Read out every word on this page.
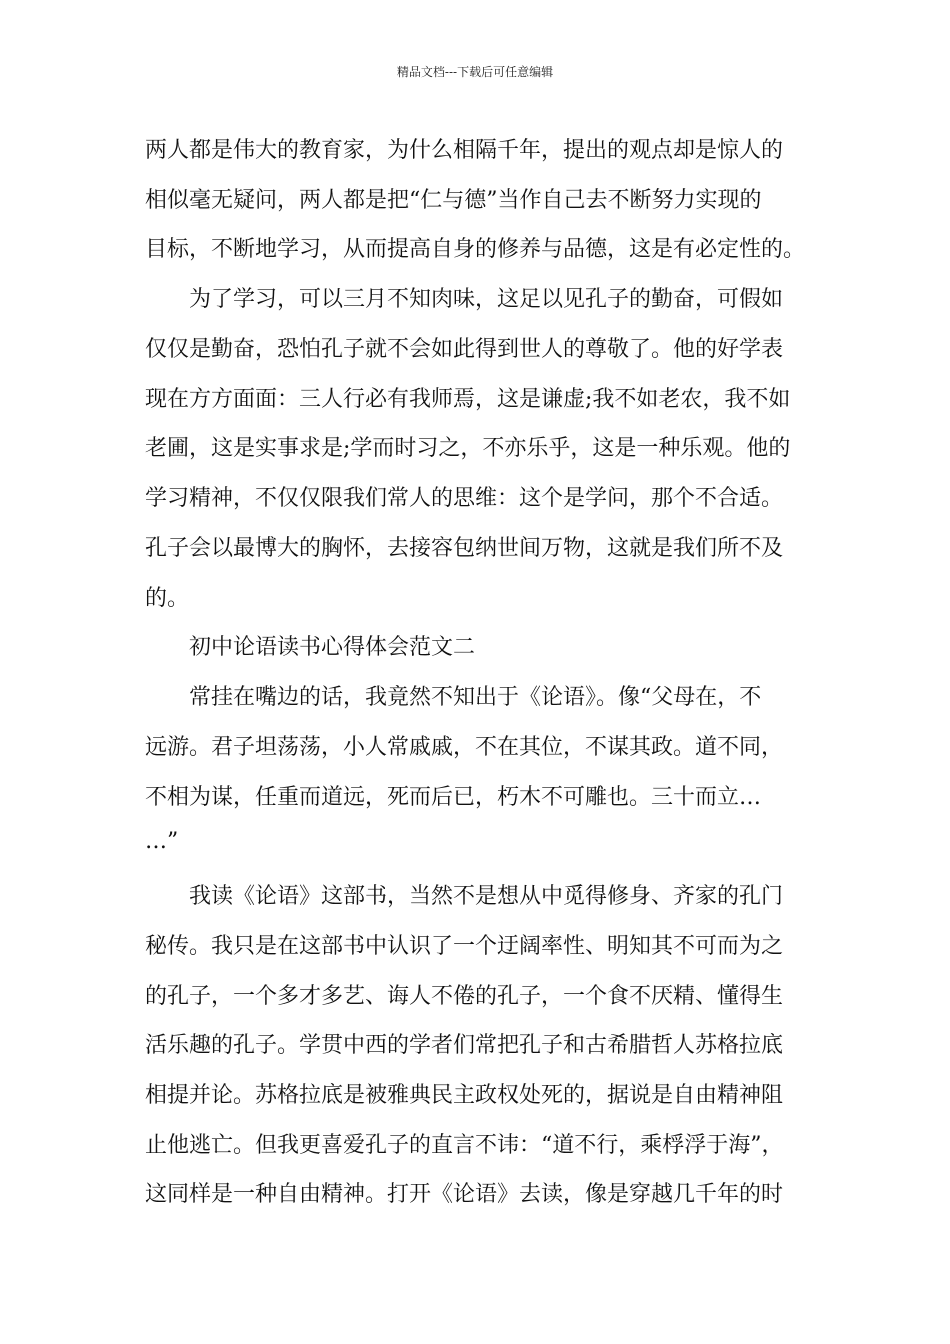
精品文档---下载后可任意编辑
两人都是伟大的教育家，为什么相隔千年，提出的观点却是惊人的
相似毫无疑问，两人都是把“仁与德”当作自己去不断努力实现的
目标，不断地学习，从而提高自身的修养与品德，这是有必定性的。
为了学习，可以三月不知肉味，这足以见孔子的勤奋，可假如
仅仅是勤奋，恐怕孔子就不会如此得到世人的尊敬了。他的好学表
现在方方面面：三人行必有我师焉，这是谦虚;我不如老农，我不如
老圃，这是实事求是;学而时习之，不亦乐乎，这是一种乐观。他的
学习精神，不仅仅限我们常人的思维：这个是学问，那个不合适。
孔子会以最博大的胸怀，去接容包纳世间万物，这就是我们所不及
的。
初中论语读书心得体会范文二
常挂在嘴边的话，我竟然不知出于《论语》。像“父母在，不
远游。君子坦荡荡，小人常戚戚，不在其位，不谋其政。道不同，
不相为谋，任重而道远，死而后已，朽木不可雕也。三十而立…
…”
我读《论语》这部书，当然不是想从中觅得修身、齐家的孔门
秘传。我只是在这部书中认识了一个迂阔率性、明知其不可而为之
的孔子，一个多才多艺、诲人不倦的孔子，一个食不厌精、懂得生
活乐趣的孔子。学贯中西的学者们常把孔子和古希腊哲人苏格拉底
相提并论。苏格拉底是被雅典民主政权处死的，据说是自由精神阻
止他逃亡。但我更喜爱孔子的直言不讳：“道不行，乘桴浮于海”，
这同样是一种自由精神。打开《论语》去读，像是穿越几千年的时
